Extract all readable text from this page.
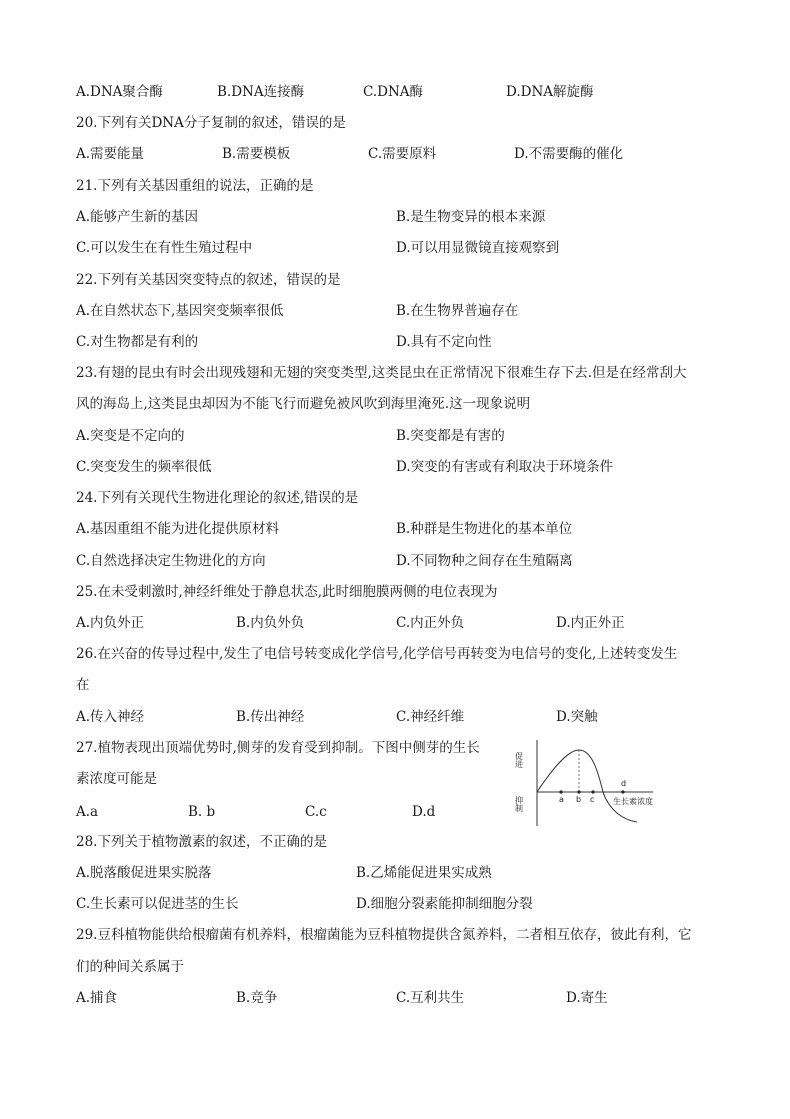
A.DNA聚合酶	B.DNA连接酶	C.DNA酶	D.DNA解旋酶
20.下列有关DNA分子复制的叙述，错误的是
A.需要能量	B.需要模板	C.需要原料	D.不需要酶的催化
21.下列有关基因重组的说法，正确的是
A.能够产生新的基因	B.是生物变异的根本来源
C.可以发生在有性生殖过程中	D.可以用显微镜直接观察到
22.下列有关基因突变特点的叙述，错误的是
A.在自然状态下,基因突变频率很低	B.在生物界普遍存在
C.对生物都是有利的	D.具有不定向性
23.有翅的昆虫有时会出现残翅和无翅的突变类型,这类昆虫在正常情况下很难生存下去.但是在经常刮大
风的海岛上,这类昆虫却因为不能飞行而避免被风吹到海里淹死.这一现象说明
A.突变是不定向的	B.突变都是有害的
C.突变发生的频率很低	D.突变的有害或有利取决于环境条件
24.下列有关现代生物进化理论的叙述,错误的是
A.基因重组不能为进化提供原材料	B.种群是生物进化的基本单位
C.自然选择决定生物进化的方向	D.不同物种之间存在生殖隔离
25.在未受刺激时,神经纤维处于静息状态,此时细胞膜两侧的电位表现为
A.内负外正	B.内负外负	C.内正外负	D.内正外正
26.在兴奋的传导过程中,发生了电信号转变成化学信号,化学信号再转变为电信号的变化,上述转变发生
在
A.传入神经	B.传出神经	C.神经纤维	D.突触
27.植物表现出顶端优势时,侧芽的发育受到抑制。下图中侧芽的生长
素浓度可能是
A.a	B. b	C.c	D.d
a b c
d
促进
抑制	生长素浓度
28.下列关于植物激素的叙述，不正确的是
A.脱落酸促进果实脱落	B.乙烯能促进果实成熟
C.生长素可以促进茎的生长	D.细胞分裂素能抑制细胞分裂
29.豆科植物能供给根瘤菌有机养料，根瘤菌能为豆科植物提供含氮养料，二者相互依存，彼此有利，它
们的种间关系属于
A.捕食	B.竞争	C.互利共生	D.寄生
